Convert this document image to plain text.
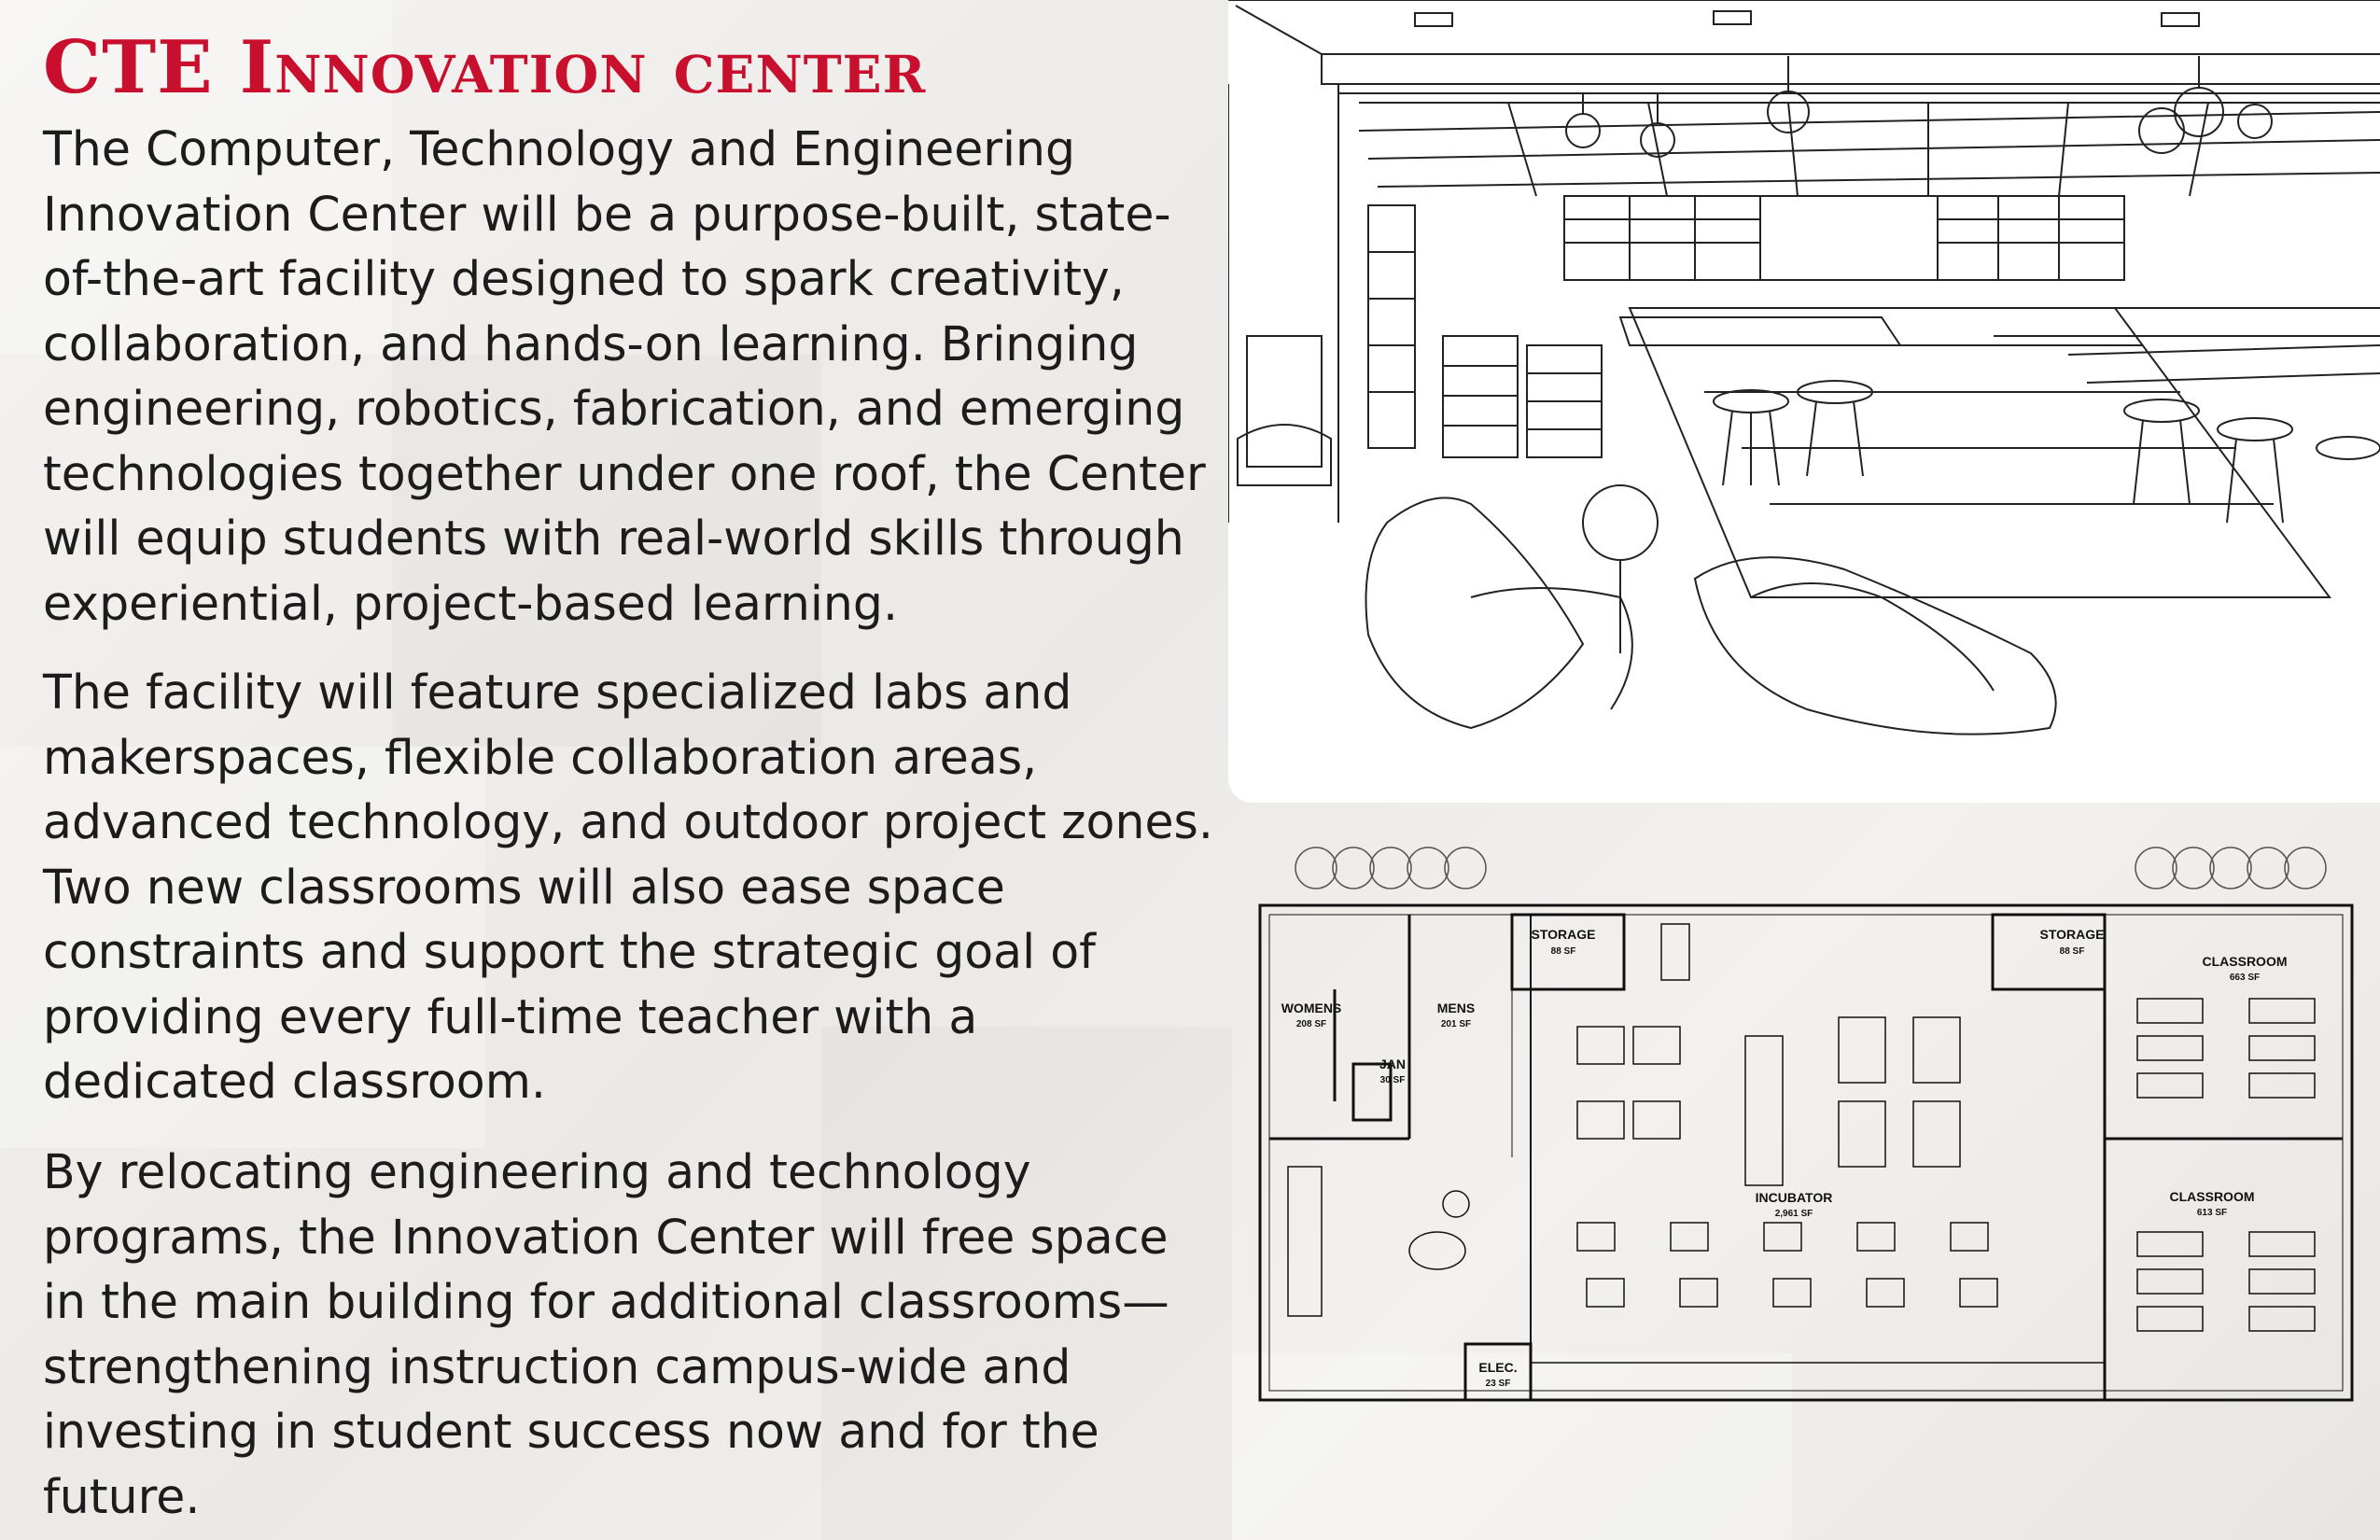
CTE Innovation center

The Computer, Technology and Engineering
Innovation Center will be a purpose-built, state-
of-the-art facility designed to spark creativity,
collaboration, and hands-on learning. Bringing
engineering, robotics, fabrication, and emerging
technologies together under one roof, the Center
will equip students with real-world skills through
experiential, project-based learning.

The facility will feature specialized labs and
makerspaces, flexible collaboration areas,
advanced technology, and outdoor project zones.
Two new classrooms will also ease space
constraints and support the strategic goal of
providing every full-time teacher with a
dedicated classroom.

By relocating engineering and technology
programs, the Innovation Center will free space
in the main building for additional classrooms—
strengthening instruction campus-wide and
investing in student success now and for the
future.

STORAGE
88 SF
STORAGE
88 SF
WOMENS
208 SF
MENS
201 SF
JAN
30 SF
INCUBATOR
2,961 SF
CLASSROOM
663 SF
CLASSROOM
613 SF
ELEC.
23 SF
